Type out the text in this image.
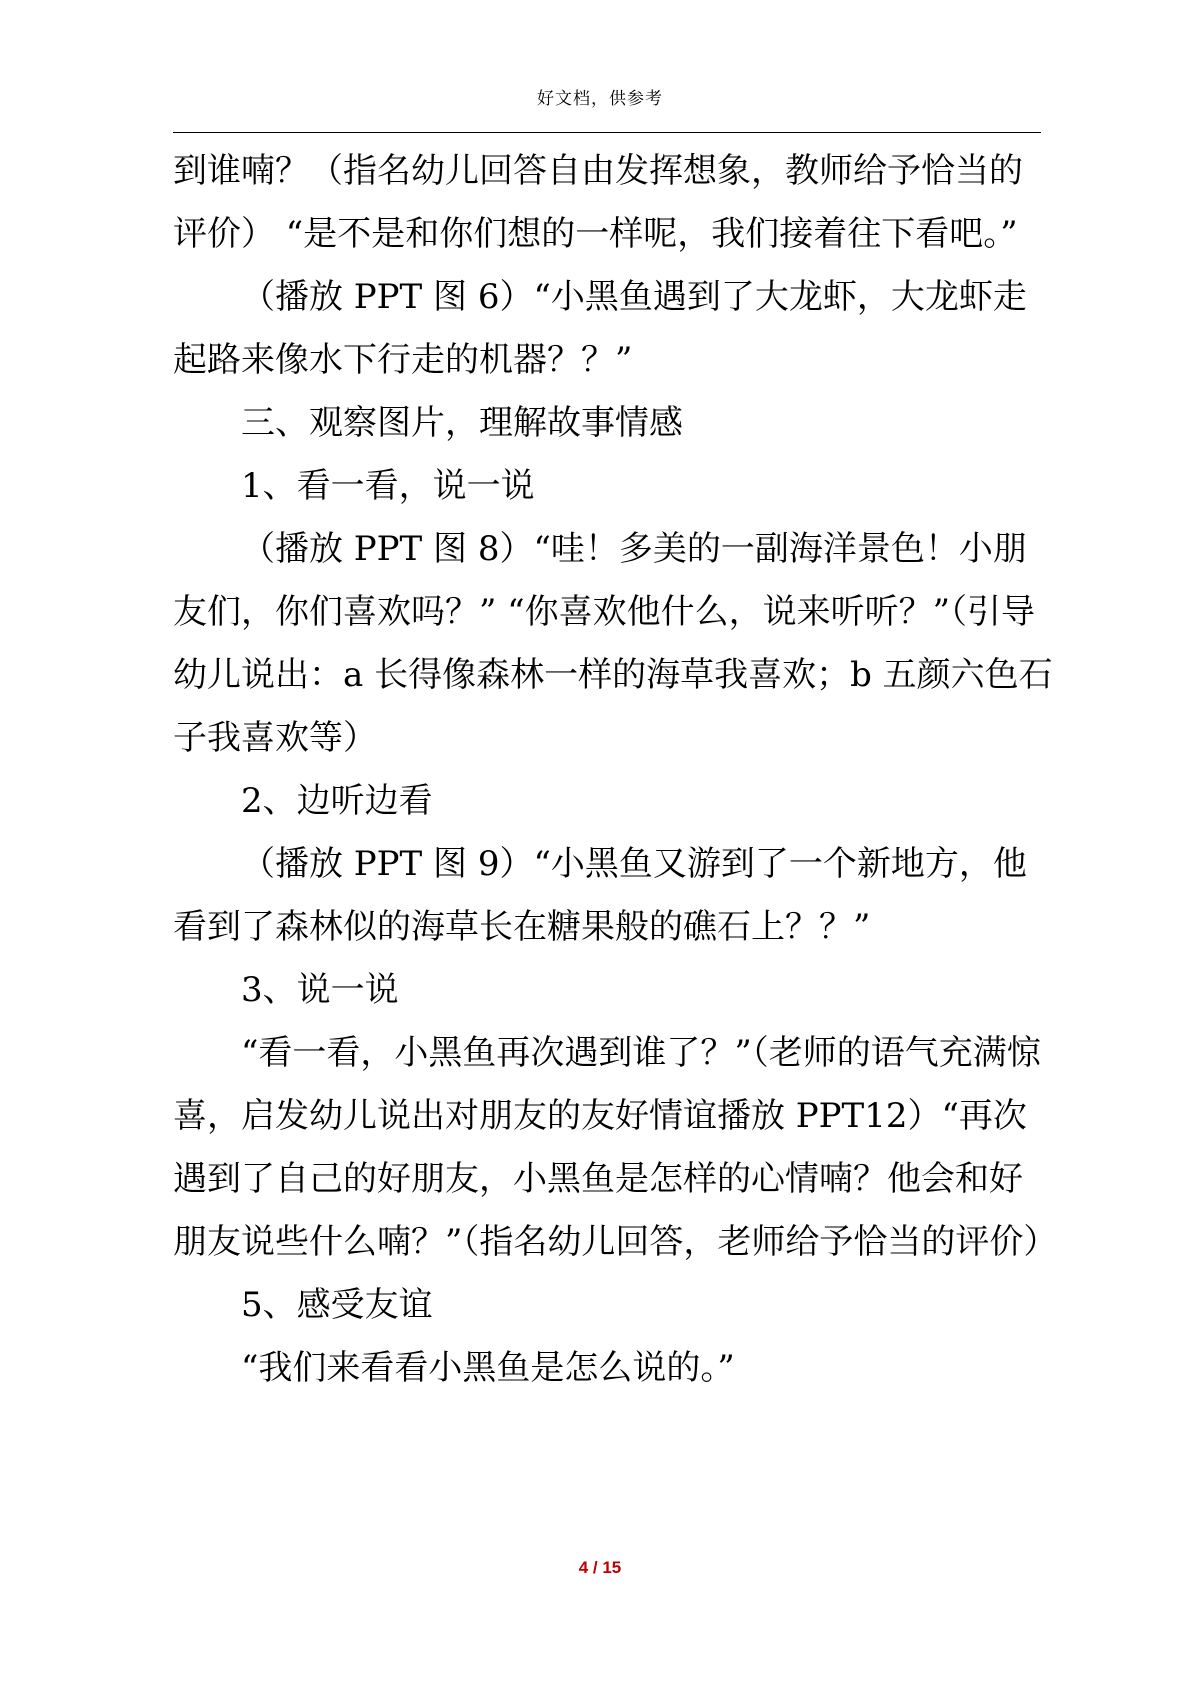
好文档，供参考

到谁喃？（指名幼儿回答自由发挥想象，教师给予恰当的评价） “是不是和你们想的一样呢，我们接着往下看吧。”

（播放 PPT 图 6）“小黑鱼遇到了大龙虾，大龙虾走起路来像水下行走的机器？？”

三、观察图片，理解故事情感

1、看一看，说一说

（播放 PPT 图 8）“哇！多美的一副海洋景色！小朋友们，你们喜欢吗？” “你喜欢他什么，说来听听？”（引导幼儿说出：a 长得像森林一样的海草我喜欢；b 五颜六色石子我喜欢等）

2、边听边看

（播放 PPT 图 9）“小黑鱼又游到了一个新地方，他看到了森林似的海草长在糖果般的礁石上？？”

3、说一说

“看一看，小黑鱼再次遇到谁了？”（老师的语气充满惊喜，启发幼儿说出对朋友的友好情谊播放 PPT12）“再次遇到了自己的好朋友，小黑鱼是怎样的心情喃？他会和好朋友说些什么喃？”（指名幼儿回答，老师给予恰当的评价）

5、感受友谊

“我们来看看小黑鱼是怎么说的。”

4 / 15
